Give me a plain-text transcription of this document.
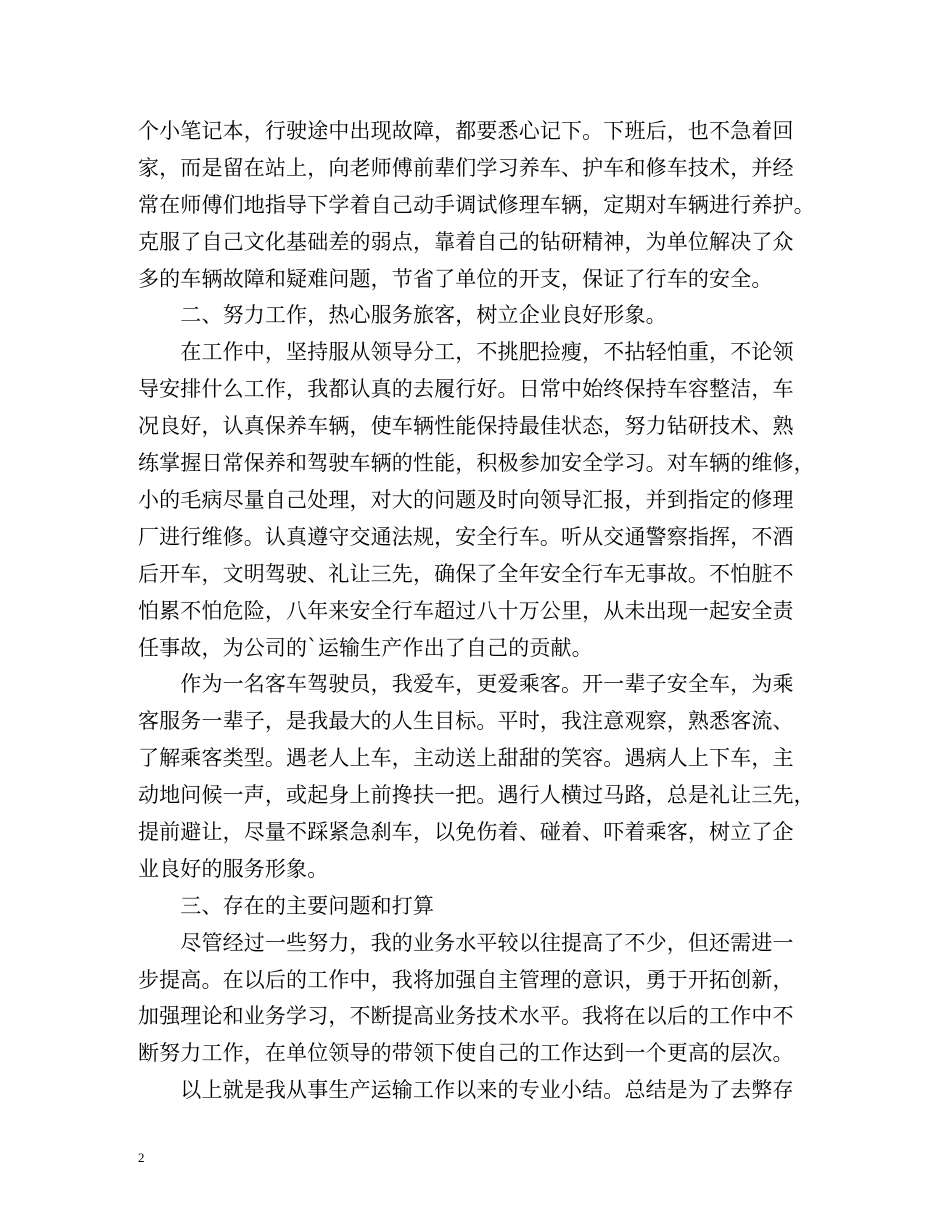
个小笔记本，行驶途中出现故障，都要悉心记下。下班后，也不急着回
家，而是留在站上，向老师傅前辈们学习养车、护车和修车技术，并经
常在师傅们地指导下学着自己动手调试修理车辆，定期对车辆进行养护。
克服了自己文化基础差的弱点，靠着自己的钻研精神，为单位解决了众
多的车辆故障和疑难问题，节省了单位的开支，保证了行车的安全。
　　二、努力工作，热心服务旅客，树立企业良好形象。
　　在工作中，坚持服从领导分工，不挑肥捡瘦，不拈轻怕重，不论领
导安排什么工作，我都认真的去履行好。日常中始终保持车容整洁，车
况良好，认真保养车辆，使车辆性能保持最佳状态，努力钻研技术、熟
练掌握日常保养和驾驶车辆的性能，积极参加安全学习。对车辆的维修，
小的毛病尽量自己处理，对大的问题及时向领导汇报，并到指定的修理
厂进行维修。认真遵守交通法规，安全行车。听从交通警察指挥，不酒
后开车，文明驾驶、礼让三先，确保了全年安全行车无事故。不怕脏不
怕累不怕危险，八年来安全行车超过八十万公里，从未出现一起安全责
任事故，为公司的`运输生产作出了自己的贡献。
　　作为一名客车驾驶员，我爱车，更爱乘客。开一辈子安全车，为乘
客服务一辈子，是我最大的人生目标。平时，我注意观察，熟悉客流、
了解乘客类型。遇老人上车，主动送上甜甜的笑容。遇病人上下车，主
动地问候一声，或起身上前搀扶一把。遇行人横过马路，总是礼让三先，
提前避让，尽量不踩紧急刹车，以免伤着、碰着、吓着乘客，树立了企
业良好的服务形象。
　　三、存在的主要问题和打算
　　尽管经过一些努力，我的业务水平较以往提高了不少，但还需进一
步提高。在以后的工作中，我将加强自主管理的意识，勇于开拓创新，
加强理论和业务学习，不断提高业务技术水平。我将在以后的工作中不
断努力工作，在单位领导的带领下使自己的工作达到一个更高的层次。
　　以上就是我从事生产运输工作以来的专业小结。总结是为了去弊存
2
